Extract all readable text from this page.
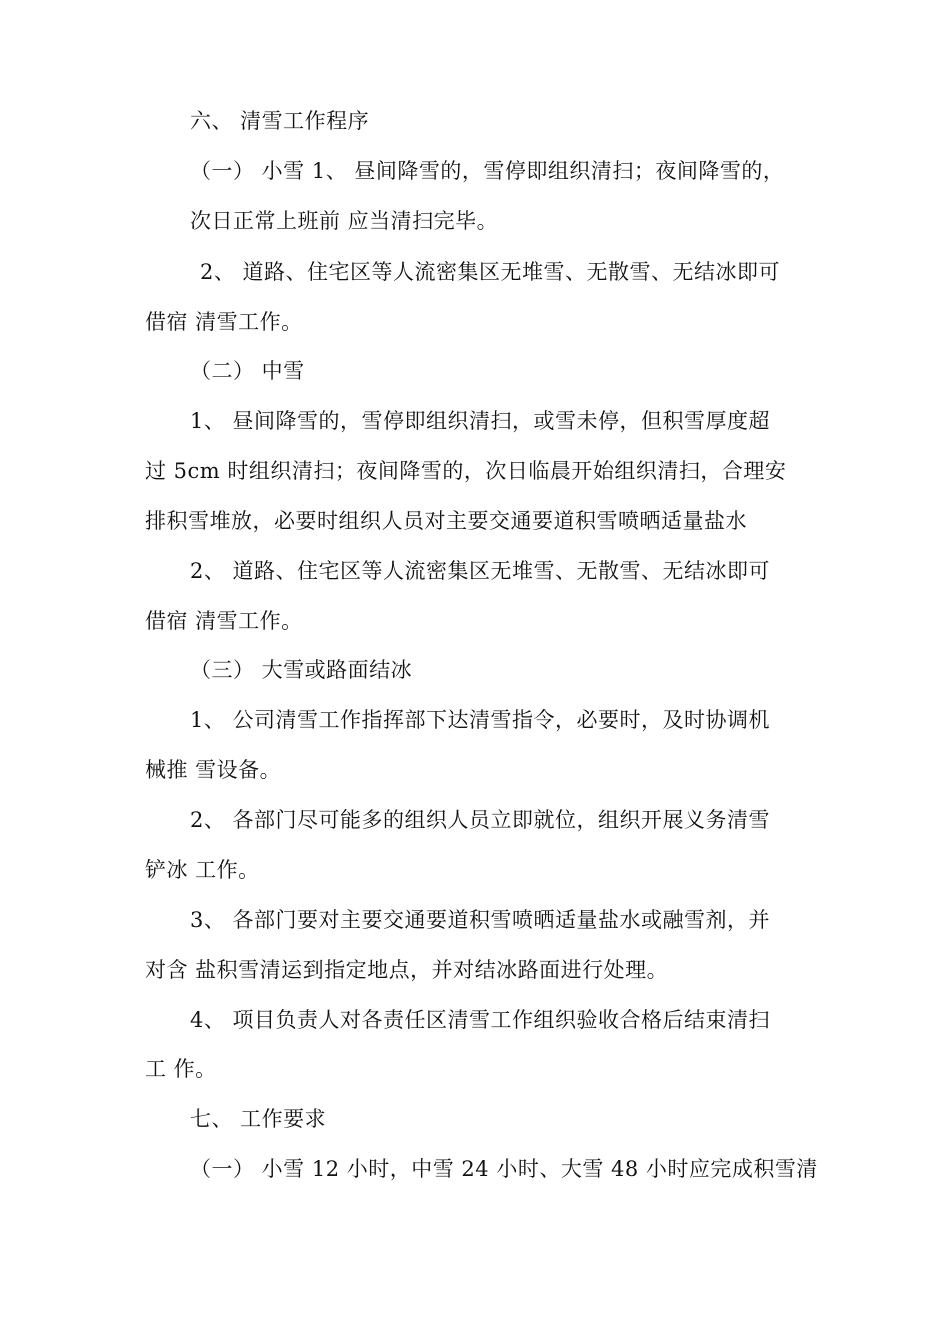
六、 清雪工作程序
（一） 小雪 1、 昼间降雪的，雪停即组织清扫；夜间降雪的，
次日正常上班前 应当清扫完毕。
2、 道路、住宅区等人流密集区无堆雪、无散雪、无结冰即可
借宿 清雪工作。
（二） 中雪
1、 昼间降雪的，雪停即组织清扫，或雪未停，但积雪厚度超
过 5cm 时组织清扫；夜间降雪的，次日临晨开始组织清扫，合理安
排积雪堆放，必要时组织人员对主要交通要道积雪喷晒适量盐水
2、 道路、住宅区等人流密集区无堆雪、无散雪、无结冰即可
借宿 清雪工作。
（三） 大雪或路面结冰
1、 公司清雪工作指挥部下达清雪指令，必要时，及时协调机
械推 雪设备。
2、 各部门尽可能多的组织人员立即就位，组织开展义务清雪
铲冰 工作。
3、 各部门要对主要交通要道积雪喷晒适量盐水或融雪剂，并
对含 盐积雪清运到指定地点，并对结冰路面进行处理。
4、 项目负责人对各责任区清雪工作组织验收合格后结束清扫
工 作。
七、 工作要求
（一） 小雪 12 小时，中雪 24 小时、大雪 48 小时应完成积雪清
